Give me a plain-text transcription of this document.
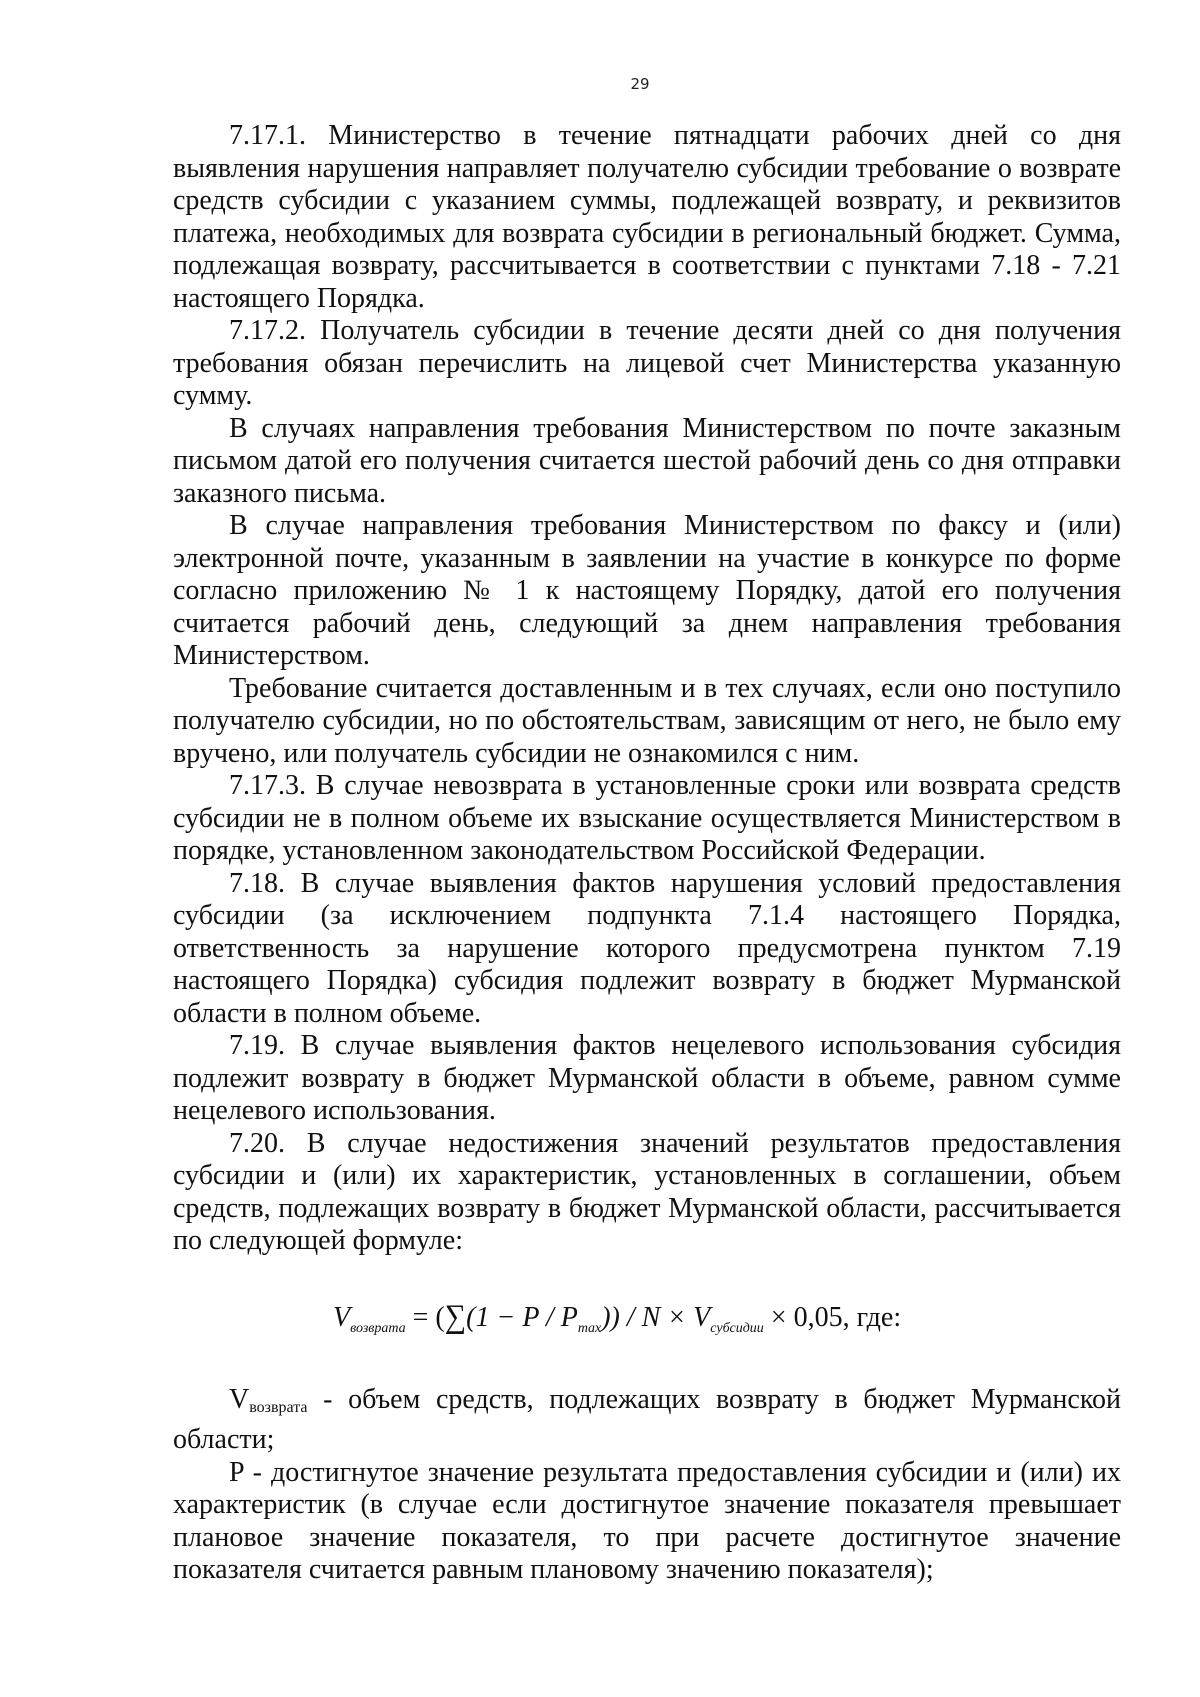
29

7.17.1. Министерство в течение пятнадцати рабочих дней со дня выявления нарушения направляет получателю субсидии требование о возврате средств субсидии с указанием суммы, подлежащей возврату, и реквизитов платежа, необходимых для возврата субсидии в региональный бюджет. Сумма, подлежащая возврату, рассчитывается в соответствии с пунктами 7.18 - 7.21 настоящего Порядка.

7.17.2. Получатель субсидии в течение десяти дней со дня получения требования обязан перечислить на лицевой счет Министерства указанную сумму.

В случаях направления требования Министерством по почте заказным письмом датой его получения считается шестой рабочий день со дня отправки заказного письма.

В случае направления требования Министерством по факсу и (или) электронной почте, указанным в заявлении на участие в конкурсе по форме согласно приложению № 1 к настоящему Порядку, датой его получения считается рабочий день, следующий за днем направления требования Министерством.

Требование считается доставленным и в тех случаях, если оно поступило получателю субсидии, но по обстоятельствам, зависящим от него, не было ему вручено, или получатель субсидии не ознакомился с ним.

7.17.3. В случае невозврата в установленные сроки или возврата средств субсидии не в полном объеме их взыскание осуществляется Министерством в порядке, установленном законодательством Российской Федерации.

7.18. В случае выявления фактов нарушения условий предоставления субсидии (за исключением подпункта 7.1.4 настоящего Порядка, ответственность за нарушение которого предусмотрена пунктом 7.19 настоящего Порядка) субсидия подлежит возврату в бюджет Мурманской области в полном объеме.

7.19. В случае выявления фактов нецелевого использования субсидия подлежит возврату в бюджет Мурманской области в объеме, равном сумме нецелевого использования.

7.20. В случае недостижения значений результатов предоставления субсидии и (или) их характеристик, установленных в соглашении, объем средств, подлежащих возврату в бюджет Мурманской области, рассчитывается по следующей формуле:

$V_{возврата} = (\sum(1 - P / P_{max})) / N \times V_{субсидии} \times 0,05$, где:

Vвозврата - объем средств, подлежащих возврату в бюджет Мурманской области;

P - достигнутое значение результата предоставления субсидии и (или) их характеристик (в случае если достигнутое значение показателя превышает плановое значение показателя, то при расчете достигнутое значение показателя считается равным плановому значению показателя);
